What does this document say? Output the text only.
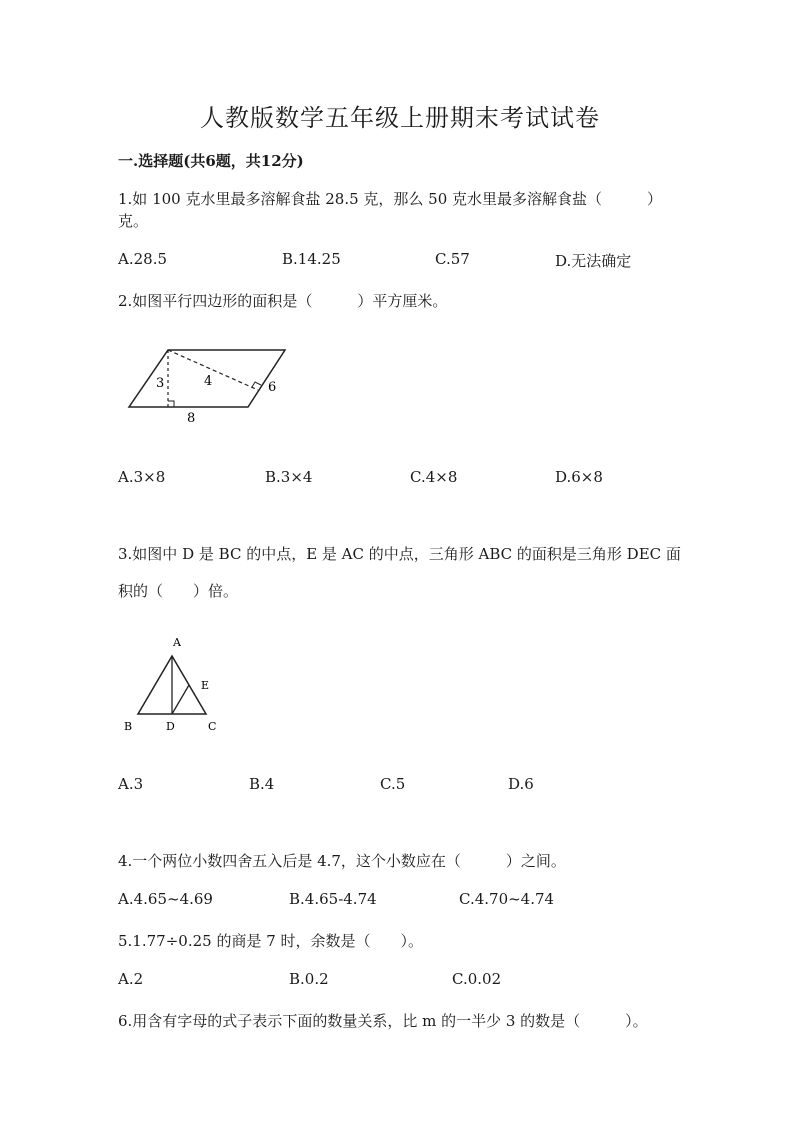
人教版数学五年级上册期末考试试卷
一.选择题(共6题，共12分)
1.如 100 克水里最多溶解食盐 28.5 克，那么 50 克水里最多溶解食盐（　　　）
克。
A.28.5	B.14.25	C.57	D.无法确定
2.如图平行四边形的面积是（　　　）平方厘米。
3	4	6
8
A.3×8	B.3×4	C.4×8	D.6×8
3.如图中 D 是 BC 的中点，E 是 AC 的中点，三角形 ABC 的面积是三角形 DEC 面
积的（　　）倍。
A
E
B	D	C
A.3	B.4	C.5	D.6
4.一个两位小数四舍五入后是 4.7，这个小数应在（　　　）之间。
A.4.65~4.69	B.4.65-4.74	C.4.70~4.74
5.1.77÷0.25 的商是 7 时，余数是（　　）。
A.2	B.0.2	C.0.02
6.用含有字母的式子表示下面的数量关系，比 m 的一半少 3 的数是（　　　）。
